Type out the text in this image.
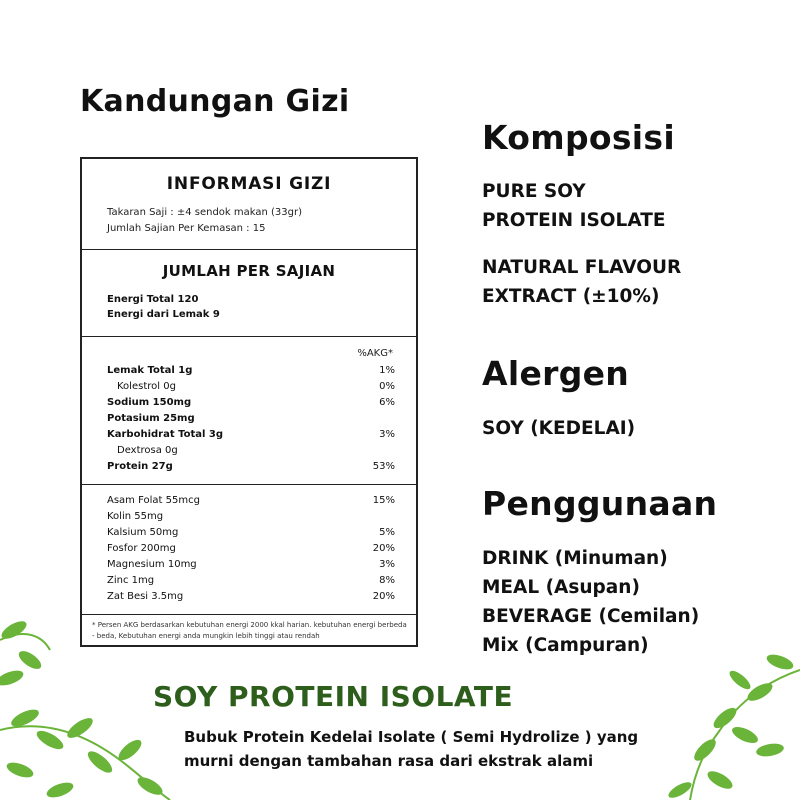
Kandungan Gizi
INFORMASI GIZI
Takaran Saji : ±4 sendok makan (33gr)
Jumlah Sajian Per Kemasan : 15
JUMLAH PER SAJIAN
Energi Total 120
Energi dari Lemak 9
%AKG*
Lemak Total 1g	1%
Kolestrol 0g	0%
Sodium 150mg	6%
Potasium 25mg
Karbohidrat Total 3g	3%
Dextrosa 0g
Protein 27g	53%
Asam Folat 55mcg	15%
Kolin 55mg
Kalsium 50mg	5%
Fosfor 200mg	20%
Magnesium 10mg	3%
Zinc 1mg	8%
Zat Besi 3.5mg	20%
* Persen AKG berdasarkan kebutuhan energi 2000 kkal harian. kebutuhan energi berbeda - beda, Kebutuhan energi anda mungkin lebih tinggi atau rendah
Komposisi
PURE SOY
PROTEIN ISOLATE
NATURAL FLAVOUR
EXTRACT (±10%)
Alergen
SOY (KEDELAI)
Penggunaan
DRINK (Minuman)
MEAL (Asupan)
BEVERAGE (Cemilan)
Mix (Campuran)
SOY PROTEIN ISOLATE
Bubuk Protein Kedelai Isolate ( Semi Hydrolize ) yang
murni dengan tambahan rasa dari ekstrak alami
